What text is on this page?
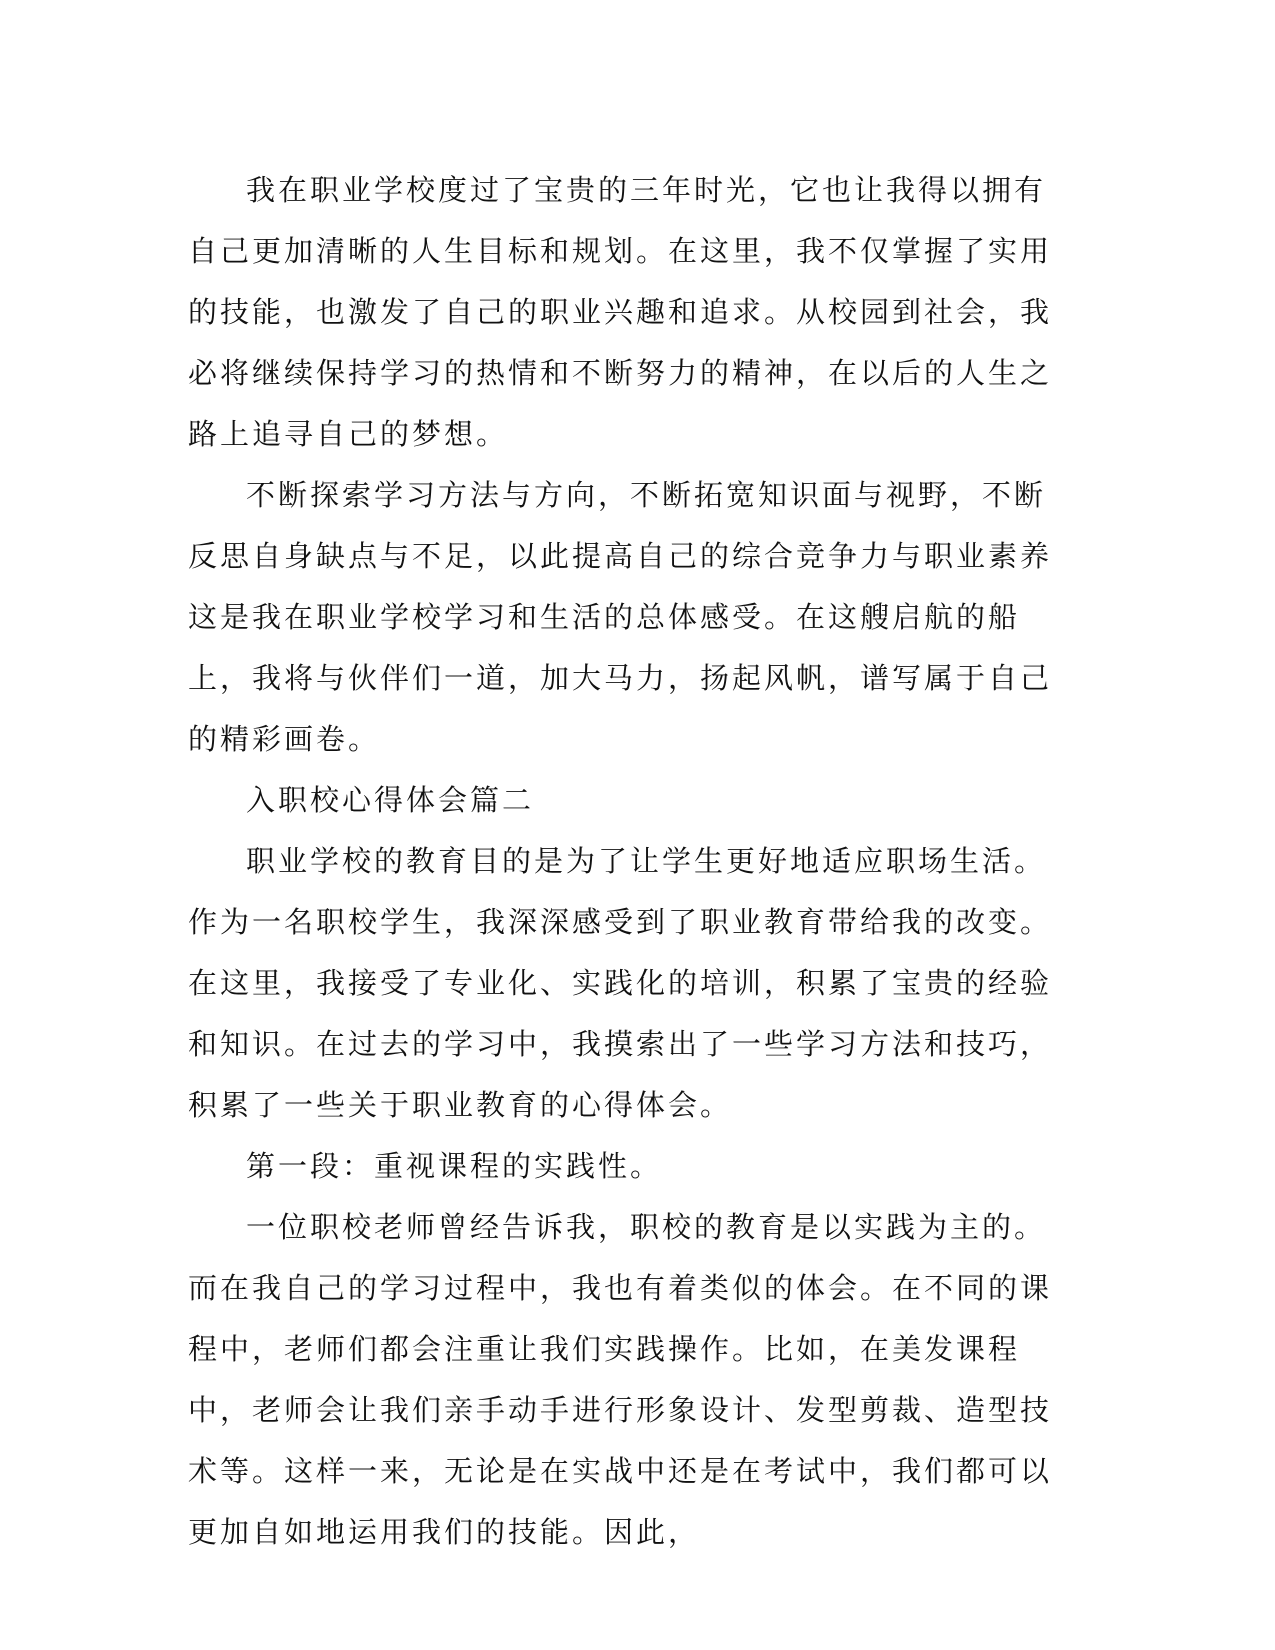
我在职业学校度过了宝贵的三年时光，它也让我得以拥有自己更加清晰的人生目标和规划。在这里，我不仅掌握了实用的技能，也激发了自己的职业兴趣和追求。从校园到社会，我必将继续保持学习的热情和不断努力的精神，在以后的人生之路上追寻自己的梦想。

不断探索学习方法与方向，不断拓宽知识面与视野，不断反思自身缺点与不足，以此提高自己的综合竞争力与职业素养这是我在职业学校学习和生活的总体感受。在这艘启航的船上，我将与伙伴们一道，加大马力，扬起风帆，谱写属于自己的精彩画卷。

入职校心得体会篇二

职业学校的教育目的是为了让学生更好地适应职场生活。作为一名职校学生，我深深感受到了职业教育带给我的改变。在这里，我接受了专业化、实践化的培训，积累了宝贵的经验和知识。在过去的学习中，我摸索出了一些学习方法和技巧，积累了一些关于职业教育的心得体会。

第一段：重视课程的实践性。

一位职校老师曾经告诉我，职校的教育是以实践为主的。而在我自己的学习过程中，我也有着类似的体会。在不同的课程中，老师们都会注重让我们实践操作。比如，在美发课程中，老师会让我们亲手动手进行形象设计、发型剪裁、造型技术等。这样一来，无论是在实战中还是在考试中，我们都可以更加自如地运用我们的技能。因此，
